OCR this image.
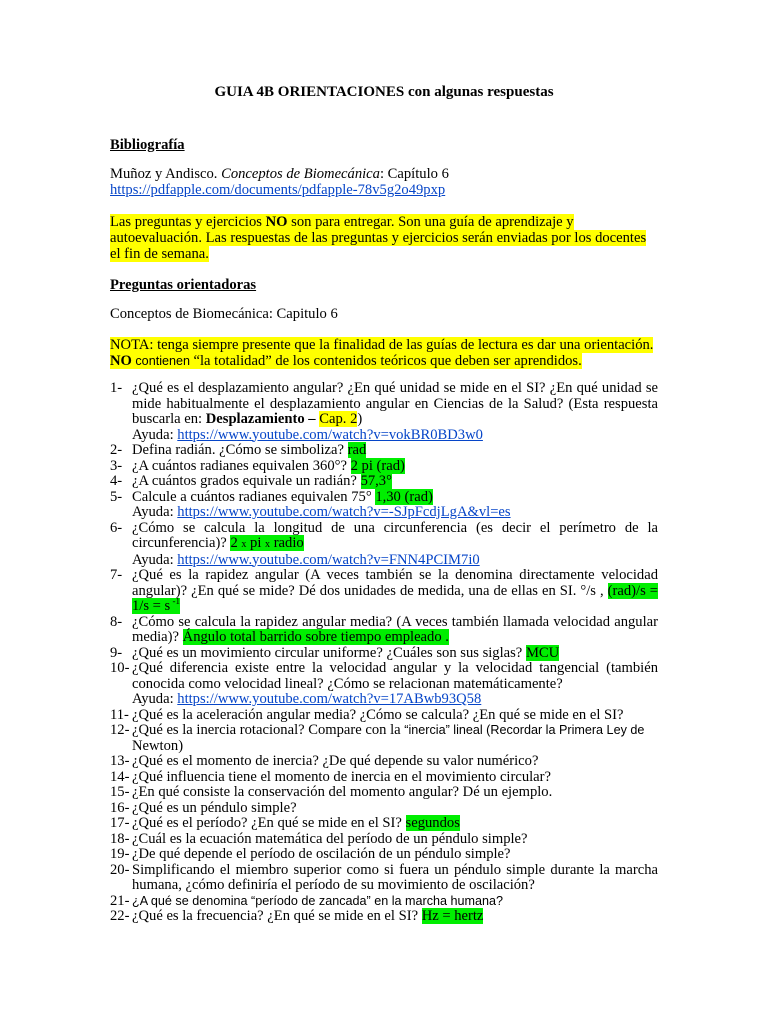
GUIA 4B ORIENTACIONES con algunas respuestas
Bibliografía
Muñoz y Andisco. Conceptos de Biomecánica: Capítulo 6
https://pdfapple.com/documents/pdfapple-78v5g2o49pxp
Las preguntas y ejercicios NO son para entregar. Son una guía de aprendizaje y autoevaluación. Las respuestas de las preguntas y ejercicios serán enviadas por los docentes el fin de semana.
Preguntas orientadoras
Conceptos de Biomecánica: Capitulo 6
NOTA: tenga siempre presente que la finalidad de las guías de lectura es dar una orientación.
NO contienen “la totalidad” de los contenidos teóricos que deben ser aprendidos.
1- ¿Qué es el desplazamiento angular? ¿En qué unidad se mide en el SI? ¿En qué unidad se mide habitualmente el desplazamiento angular en Ciencias de la Salud? (Esta respuesta buscarla en: Desplazamiento – Cap. 2)
Ayuda: https://www.youtube.com/watch?v=vokBR0BD3w0
2- Defina radián. ¿Cómo se simboliza? rad
3- ¿A cuántos radianes equivalen 360°? 2 pi (rad)
4- ¿A cuántos grados equivale un radián? 57,3°
5- Calcule a cuántos radianes equivalen 75° 1,30 (rad)
Ayuda: https://www.youtube.com/watch?v=-SJpFcdjLgA&vl=es
6- ¿Cómo se calcula la longitud de una circunferencia (es decir el perímetro de la circunferencia)? 2 x pi x radio
Ayuda: https://www.youtube.com/watch?v=FNN4PCIM7i0
7- ¿Qué es la rapidez angular (A veces también se la denomina directamente velocidad angular)? ¿En qué se mide? Dé dos unidades de medida, una de ellas en SI. °/s , (rad)/s = 1/s = s $^{-1}$
8- ¿Cómo se calcula la rapidez angular media? (A veces también llamada velocidad angular media)? Ángulo total barrido sobre tiempo empleado .
9- ¿Qué es un movimiento circular uniforme? ¿Cuáles son sus siglas? MCU
10- ¿Qué diferencia existe entre la velocidad angular y la velocidad tangencial (también conocida como velocidad lineal? ¿Cómo se relacionan matemáticamente?
Ayuda: https://www.youtube.com/watch?v=17ABwb93Q58
11- ¿Qué es la aceleración angular media? ¿Cómo se calcula? ¿En qué se mide en el SI?
12- ¿Qué es la inercia rotacional? Compare con la “inercia” lineal (Recordar la Primera Ley de
Newton)
13- ¿Qué es el momento de inercia? ¿De qué depende su valor numérico?
14- ¿Qué influencia tiene el momento de inercia en el movimiento circular?
15- ¿En qué consiste la conservación del momento angular? Dé un ejemplo.
16- ¿Qué es un péndulo simple?
17- ¿Qué es el período? ¿En qué se mide en el SI? segundos
18- ¿Cuál es la ecuación matemática del período de un péndulo simple?
19- ¿De qué depende el período de oscilación de un péndulo simple?
20- Simplificando el miembro superior como si fuera un péndulo simple durante la marcha humana, ¿cómo definiría el período de su movimiento de oscilación?
21- ¿A qué se denomina “período de zancada” en la marcha humana?
22- ¿Qué es la frecuencia? ¿En qué se mide en el SI? Hz = hertz
